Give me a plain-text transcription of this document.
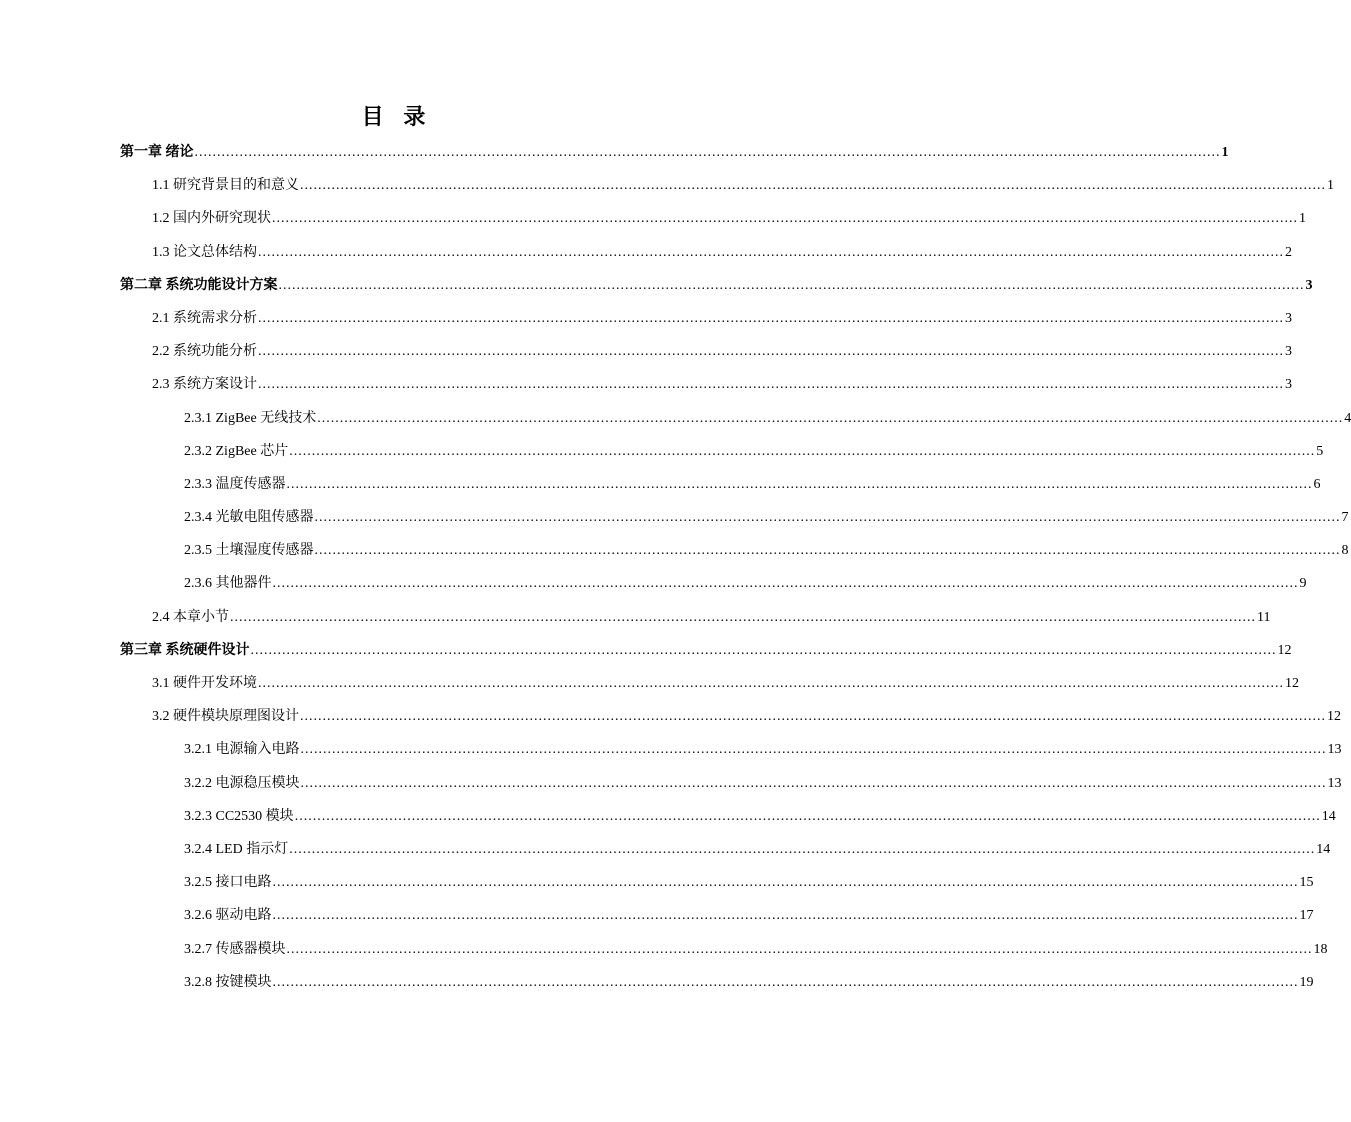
目 录
第一章 绪论 .................................................................................................................................................................................................................................... 1
1.1 研究背景目的和意义 .................................................................................................................................................................................................................................... 1
1.2 国内外研究现状 .................................................................................................................................................................................................................................... 1
1.3 论文总体结构 .................................................................................................................................................................................................................................... 2
第二章 系统功能设计方案 .................................................................................................................................................................................................................................... 3
2.1 系统需求分析 .................................................................................................................................................................................................................................... 3
2.2 系统功能分析 .................................................................................................................................................................................................................................... 3
2.3 系统方案设计 .................................................................................................................................................................................................................................... 3
2.3.1 ZigBee 无线技术 .................................................................................................................................................................................................................................... 4
2.3.2 ZigBee 芯片 .................................................................................................................................................................................................................................... 5
2.3.3 温度传感器 .................................................................................................................................................................................................................................... 6
2.3.4 光敏电阻传感器 .................................................................................................................................................................................................................................... 7
2.3.5 土壤湿度传感器 .................................................................................................................................................................................................................................... 8
2.3.6 其他器件 .................................................................................................................................................................................................................................... 9
2.4 本章小节 .................................................................................................................................................................................................................................... 11
第三章 系统硬件设计 .................................................................................................................................................................................................................................... 12
3.1 硬件开发环境 .................................................................................................................................................................................................................................... 12
3.2 硬件模块原理图设计 .................................................................................................................................................................................................................................... 12
3.2.1 电源输入电路 .................................................................................................................................................................................................................................... 13
3.2.2 电源稳压模块 .................................................................................................................................................................................................................................... 13
3.2.3 CC2530 模块 .................................................................................................................................................................................................................................... 14
3.2.4 LED 指示灯 .................................................................................................................................................................................................................................... 14
3.2.5 接口电路 .................................................................................................................................................................................................................................... 15
3.2.6 驱动电路 .................................................................................................................................................................................................................................... 17
3.2.7 传感器模块 .................................................................................................................................................................................................................................... 18
3.2.8 按键模块 .................................................................................................................................................................................................................................... 19
